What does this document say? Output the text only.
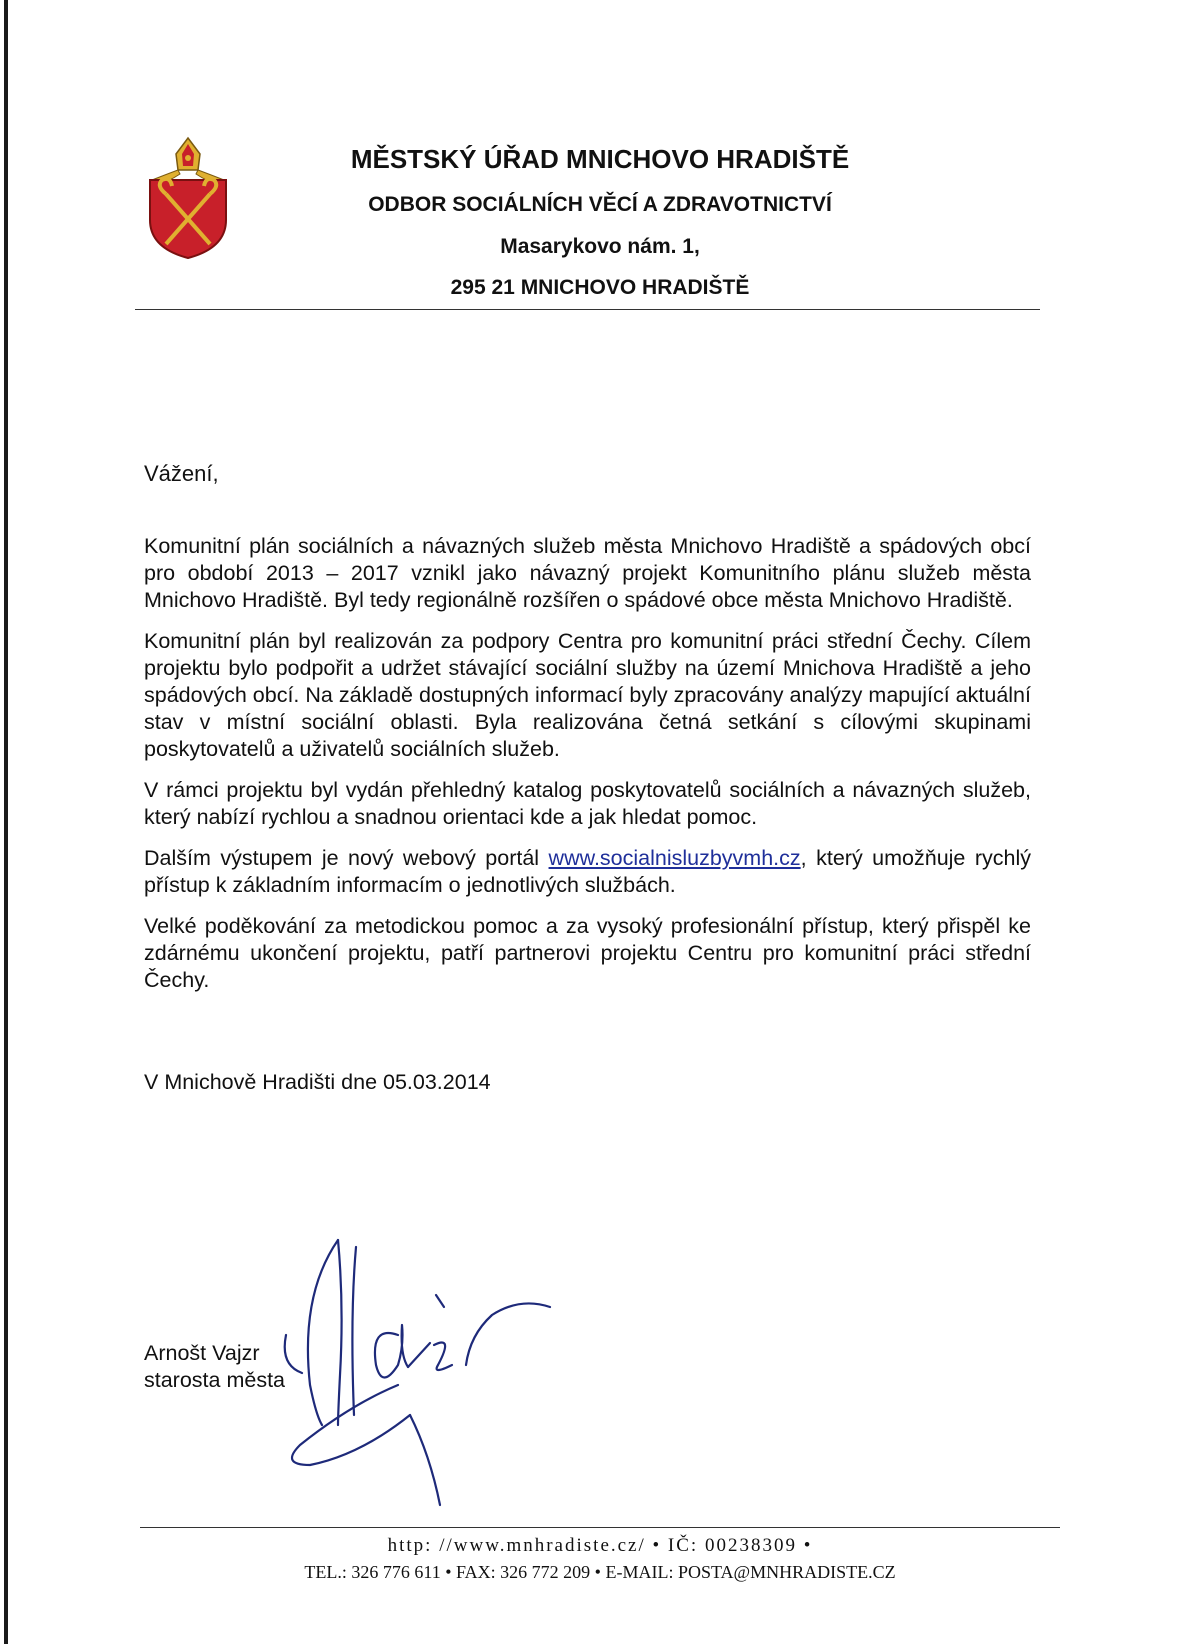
MĚSTSKÝ ÚŘAD MNICHOVO HRADIŠTĚ
ODBOR SOCIÁLNÍCH VĚCÍ A ZDRAVOTNICTVÍ
Masarykovo nám. 1,
295 21 MNICHOVO HRADIŠTĚ
Vážení,

Komunitní plán sociálních a návazných služeb města Mnichovo Hradiště a spádových obcí pro období 2013 – 2017 vznikl jako návazný projekt Komunitního plánu služeb města Mnichovo Hradiště. Byl tedy regionálně rozšířen o spádové obce města Mnichovo Hradiště.

Komunitní plán byl realizován za podpory Centra pro komunitní práci střední Čechy. Cílem projektu bylo podpořit a udržet stávající sociální služby na území Mnichova Hradiště a jeho spádových obcí. Na základě dostupných informací byly zpracovány analýzy mapující aktuální stav v místní sociální oblasti. Byla realizována četná setkání s cílovými skupinami poskytovatelů a uživatelů sociálních služeb.

V rámci projektu byl vydán přehledný katalog poskytovatelů sociálních a návazných služeb, který nabízí rychlou a snadnou orientaci kde a jak hledat pomoc.

Dalším výstupem je nový webový portál www.socialnisluzbyvmh.cz, který umožňuje rychlý přístup k základním informacím o jednotlivých službách.

Velké poděkování za metodickou pomoc a za vysoký profesionální přístup, který přispěl ke zdárnému ukončení projektu, patří partnerovi projektu Centru pro komunitní práci střední Čechy.

V Mnichově Hradišti dne 05.03.2014
Arnošt Vajzr
starosta města
http: //www.mnhradiste.cz/ • IČ: 00238309 •
TEL.: 326 776 611 • FAX: 326 772 209 • E-MAIL: POSTA@MNHRADISTE.CZ
